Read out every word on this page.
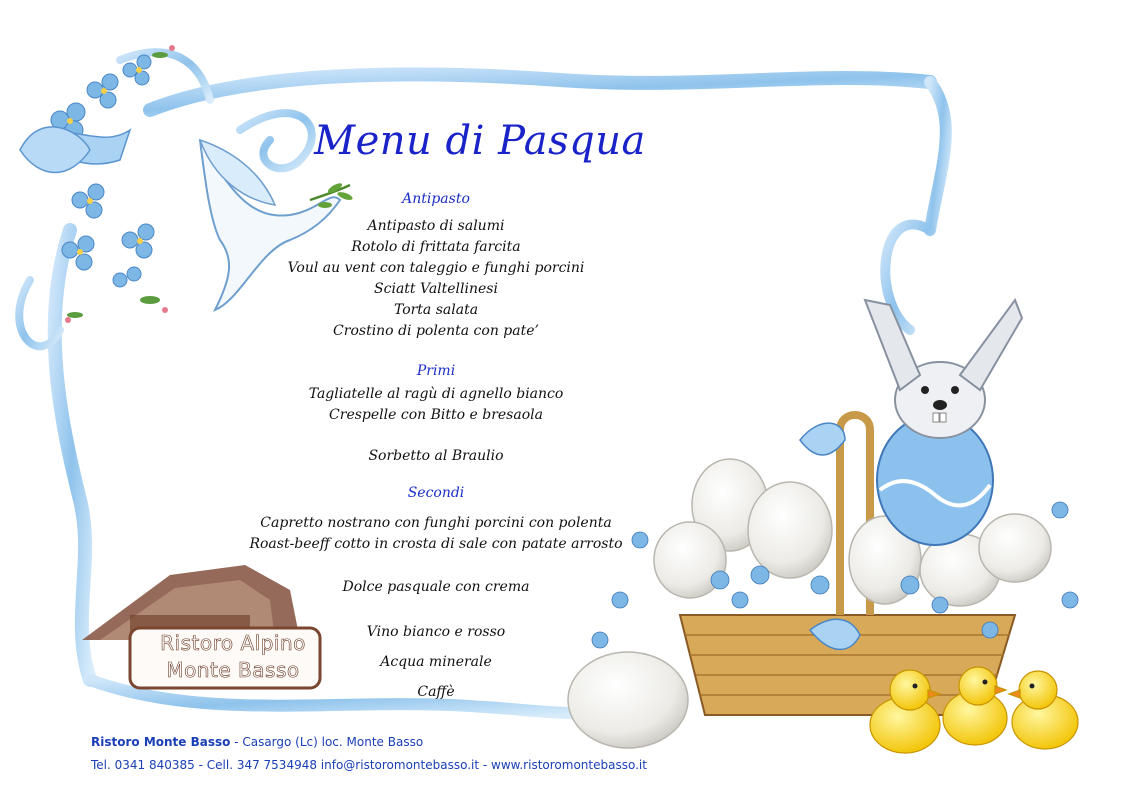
Menu di Pasqua

Antipasto

Antipasto di salumi

Rotolo di frittata farcita

Voul au vent con taleggio e funghi porcini

Sciatt Valtellinesi

Torta salata

Crostino di polenta con pate’

Primi

Tagliatelle al ragù di agnello bianco

Crespelle con Bitto e bresaola

Sorbetto al Braulio

Secondi

Capretto nostrano con funghi porcini con polenta

Roast-beeff cotto in crosta di sale con patate arrosto

Dolce pasquale con crema

Vino bianco e rosso

Acqua minerale

Caffè

Ristoro Alpino
Monte Basso
Ristoro Monte Basso - Casargo (Lc) loc. Monte Basso
Tel. 0341 840385 - Cell. 347 7534948 info@ristoromontebasso.it - www.ristoromontebasso.it
